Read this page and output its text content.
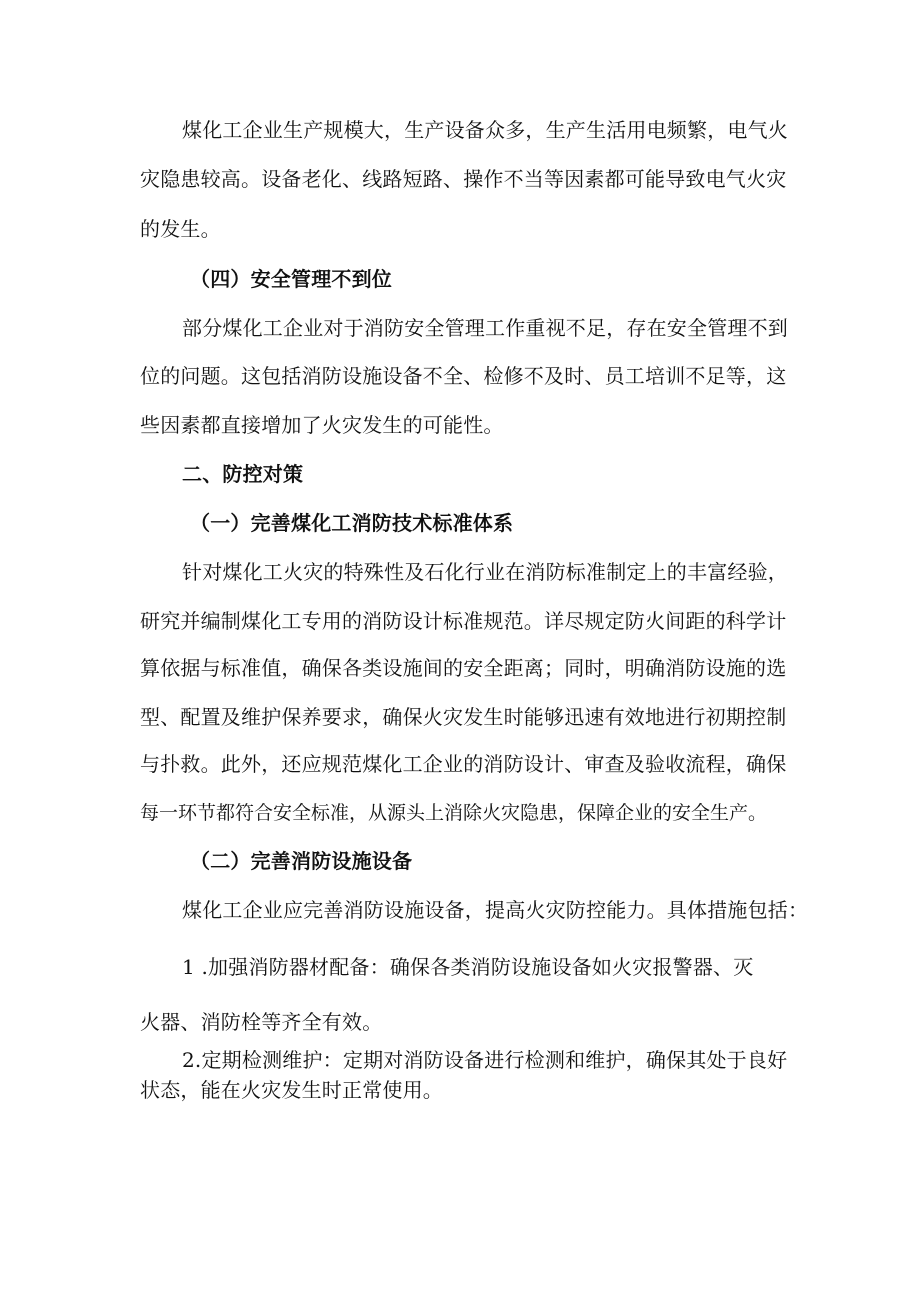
煤化工企业生产规模大，生产设备众多，生产生活用电频繁，电气火
灾隐患较高。设备老化、线路短路、操作不当等因素都可能导致电气火灾
的发生。
（四）安全管理不到位
部分煤化工企业对于消防安全管理工作重视不足，存在安全管理不到
位的问题。这包括消防设施设备不全、检修不及时、员工培训不足等，这
些因素都直接增加了火灾发生的可能性。
二、防控对策
（一）完善煤化工消防技术标准体系
针对煤化工火灾的特殊性及石化行业在消防标准制定上的丰富经验，
研究并编制煤化工专用的消防设计标准规范。详尽规定防火间距的科学计
算依据与标准值，确保各类设施间的安全距离；同时，明确消防设施的选
型、配置及维护保养要求，确保火灾发生时能够迅速有效地进行初期控制
与扑救。此外，还应规范煤化工企业的消防设计、审查及验收流程，确保
每一环节都符合安全标准，从源头上消除火灾隐患，保障企业的安全生产。
（二）完善消防设施设备
煤化工企业应完善消防设施设备，提高火灾防控能力。具体措施包括：
1 .加强消防器材配备：确保各类消防设施设备如火灾报警器、灭
火器、消防栓等齐全有效。
2.定期检测维护：定期对消防设备进行检测和维护，确保其处于良好
状态，能在火灾发生时正常使用。
